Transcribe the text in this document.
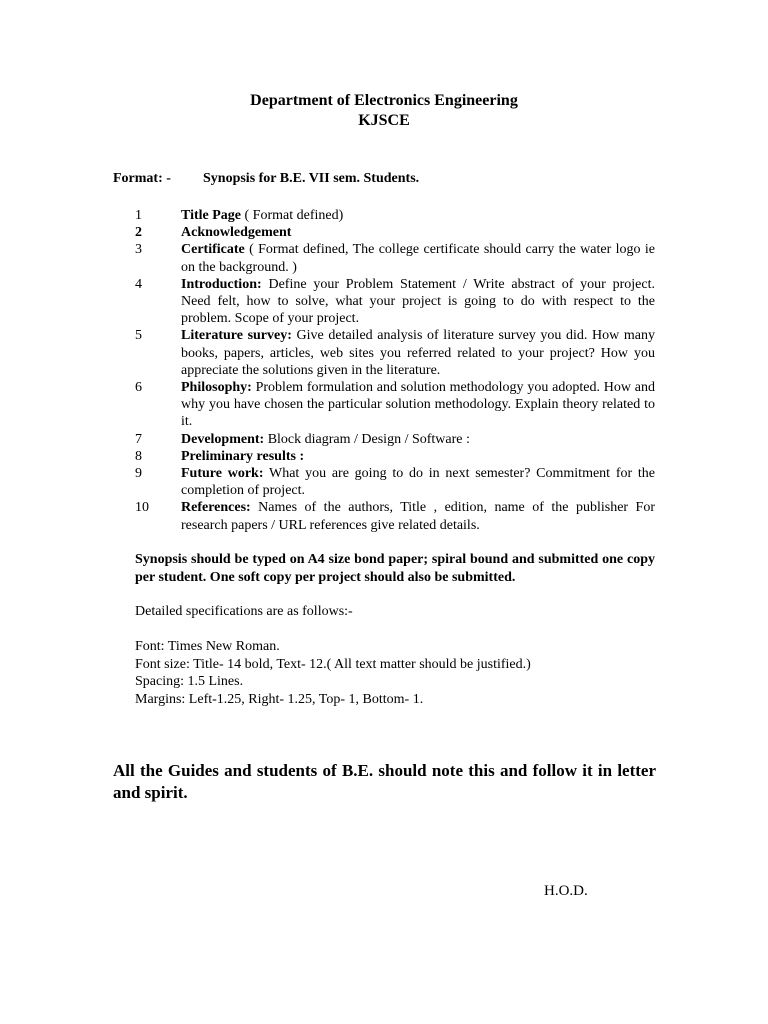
Department of Electronics Engineering
KJSCE
Format: - Synopsis for B.E. VII sem. Students.
1	Title Page ( Format defined)
2	Acknowledgement
3	Certificate ( Format defined, The college certificate should carry the water logo ie on the background. )
4	Introduction: Define your Problem Statement / Write abstract of your project. Need felt, how to solve, what your project is going to do with respect to the problem. Scope of your project.
5	Literature survey: Give detailed analysis of literature survey you did. How many books, papers, articles, web sites you referred related to your project? How you appreciate the solutions given in the literature.
6	Philosophy: Problem formulation and solution methodology you adopted. How and why you have chosen the particular solution methodology. Explain theory related to it.
7	Development: Block diagram / Design / Software :
8	Preliminary results :
9	Future work: What you are going to do in next semester? Commitment for the completion of project.
10	References: Names of the authors, Title , edition, name of the publisher For research papers / URL references give related details.
Synopsis should be typed on A4 size bond paper; spiral bound and submitted one copy per student. One soft copy per project should also be submitted.
Detailed specifications are as follows:-
Font: Times New Roman.
Font size: Title- 14 bold, Text- 12.( All text matter should be justified.)
Spacing: 1.5 Lines.
Margins: Left-1.25, Right- 1.25, Top- 1, Bottom- 1.
All the Guides and students of B.E. should note this and follow it in letter and spirit.
H.O.D.
